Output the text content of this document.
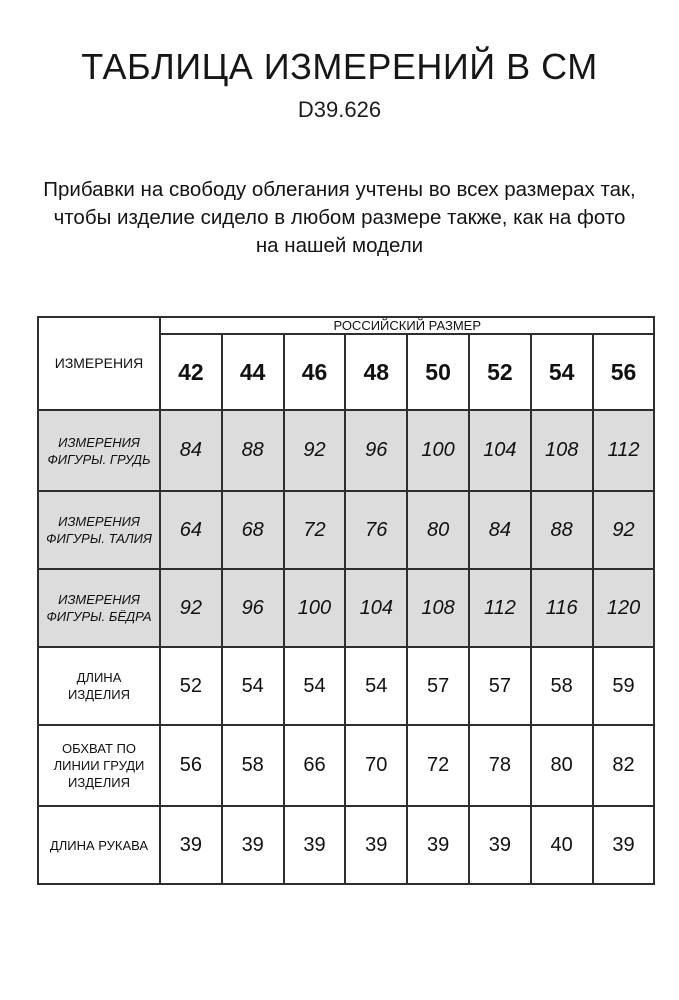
ТАБЛИЦА ИЗМЕРЕНИЙ В СМ
D39.626
Прибавки на свободу облегания учтены во всех размерах так,
чтобы изделие сидело в любом размере также, как на фото
на нашей модели
ИЗМЕРЕНИЯ	РОССИЙСКИЙ РАЗМЕР							
	42	44	46	48	50	52	54	56
ИЗМЕРЕНИЯ ФИГУРЫ. ГРУДЬ	84	88	92	96	100	104	108	112
ИЗМЕРЕНИЯ ФИГУРЫ. ТАЛИЯ	64	68	72	76	80	84	88	92
ИЗМЕРЕНИЯ ФИГУРЫ. БЁДРА	92	96	100	104	108	112	116	120
ДЛИНА ИЗДЕЛИЯ	52	54	54	54	57	57	58	59
ОБХВАТ ПО ЛИНИИ ГРУДИ ИЗДЕЛИЯ	56	58	66	70	72	78	80	82
ДЛИНА РУКАВА	39	39	39	39	39	39	40	39
